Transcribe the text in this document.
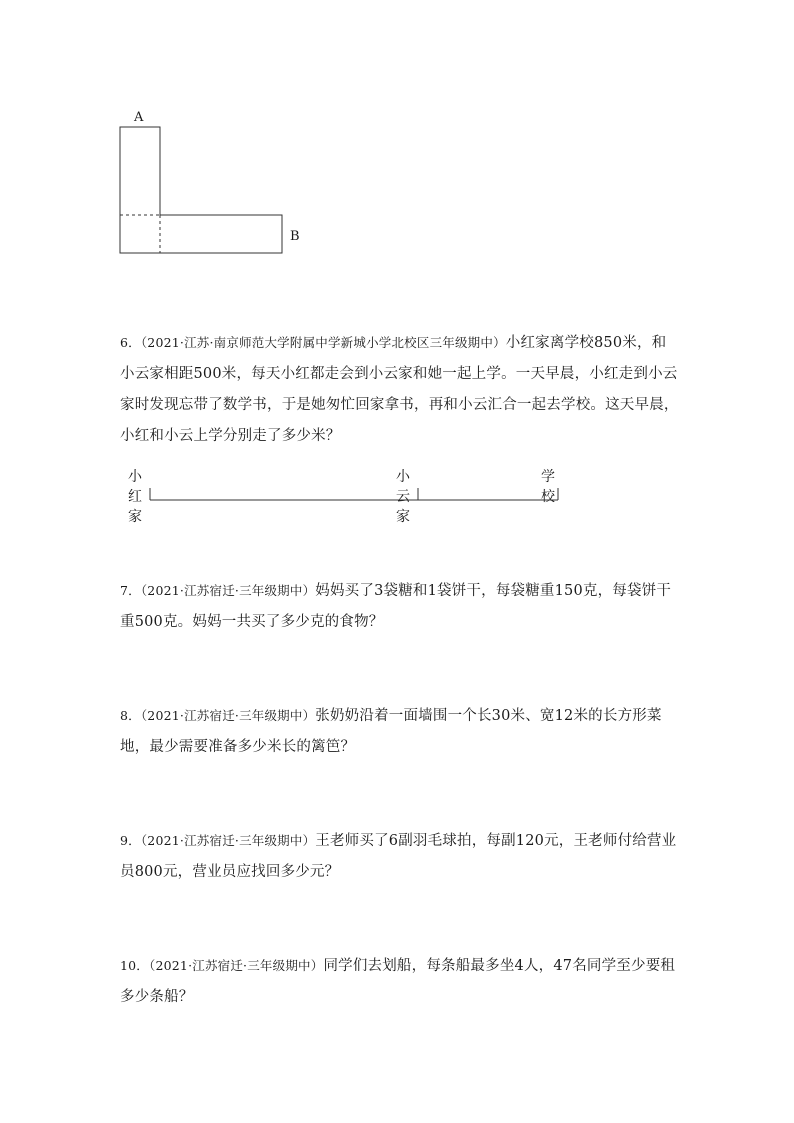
A
B
6．（2021·江苏·南京师范大学附属中学新城小学北校区三年级期中）小红家离学校850米，和小云家相距500米，每天小红都走会到小云家和她一起上学。一天早晨，小红走到小云家时发现忘带了数学书，于是她匆忙回家拿书，再和小云汇合一起去学校。这天早晨，小红和小云上学分别走了多少米？
小红家
小云家
学校
7．（2021·江苏宿迁·三年级期中）妈妈买了3袋糖和1袋饼干，每袋糖重150克，每袋饼干重500克。妈妈一共买了多少克的食物？
8．（2021·江苏宿迁·三年级期中）张奶奶沿着一面墙围一个长30米、宽12米的长方形菜地，最少需要准备多少米长的篱笆？
9．（2021·江苏宿迁·三年级期中）王老师买了6副羽毛球拍，每副120元，王老师付给营业员800元，营业员应找回多少元？
10．（2021·江苏宿迁·三年级期中）同学们去划船，每条船最多坐4人，47名同学至少要租多少条船？
